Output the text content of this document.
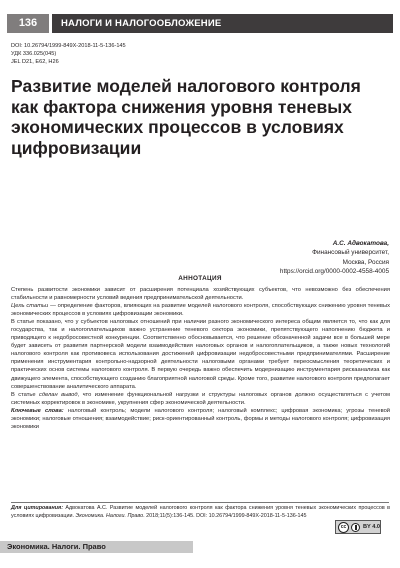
136	НАЛОГИ И НАЛОГООБЛОЖЕНИЕ
DOI: 10.26794/1999-849X-2018-11-5-136-145
УДК 336.025(045)
JEL D21, E62, H26
Развитие моделей налогового контроля как фактора снижения уровня теневых экономических процессов в условиях цифровизации
А.С. Адвокатова,
Финансовый университет,
Москва, Россия
https://orcid.org/0000-0002-4558-4005
АННОТАЦИЯ

Степень развитости экономики зависит от расширения потенциала хозяйствующих субъектов, что невозможно без обеспечения стабильности и равномерности условий ведения предпринимательской деятельности.

Цель статьи — определение факторов, влияющих на развитие моделей налогового контроля, способствующих снижению уровня теневых экономических процессов в условиях цифровизации экономики.

В статье показано, что у субъектов налоговых отношений при наличии разного экономического интереса общим является то, что как для государства, так и налогоплательщиков важно устранение теневого сектора экономики, препятствующего наполнению бюджета и приводящего к недобросовестной конкуренции. Соответственно обосновывается, что решение обозначенной задачи все в большей мере будет зависеть от развития партнерской модели взаимодействия налоговых органов и налогоплательщиков, а также новых технологий налогового контроля как противовеса использования достижений цифровизации недобросовестными предпринимателями. Расширение применения инструментария контрольно-надзорной деятельности налоговыми органами требует переосмысления теоретических и практических основ системы налогового контроля. В первую очередь важно обеспечить модернизацию инструментария рискаанализа как движущего элемента, способствующего созданию благоприятной налоговой среды. Кроме того, развитие налогового контроля предполагает совершенствование аналитического аппарата.

В статье сделан вывод, что изменение функциональной нагрузки и структуры налоговых органов должно осуществляться с учетом системных корректировок в экономике, укрупнения сфер экономической деятельности.

Ключевые слова: налоговый контроль; модели налогового контроля; налоговый комплекс; цифровая экономика; угрозы теневой экономики; налоговые отношения; взаимодействие; риск-ориентированный контроль, формы и методы налогового контроля; цифровизация экономики

Для цитирования: Адвокатова А.С. Развитие моделей налогового контроля как фактора снижения уровня теневых экономических процессов в условиях цифровизации. Экономика. Налоги. Право. 2018;11(5):136-145. DOI: 10.26794/1999-849X-2018-11-5-136-145
cc	BY 4.0
Экономика. Налоги. Право
